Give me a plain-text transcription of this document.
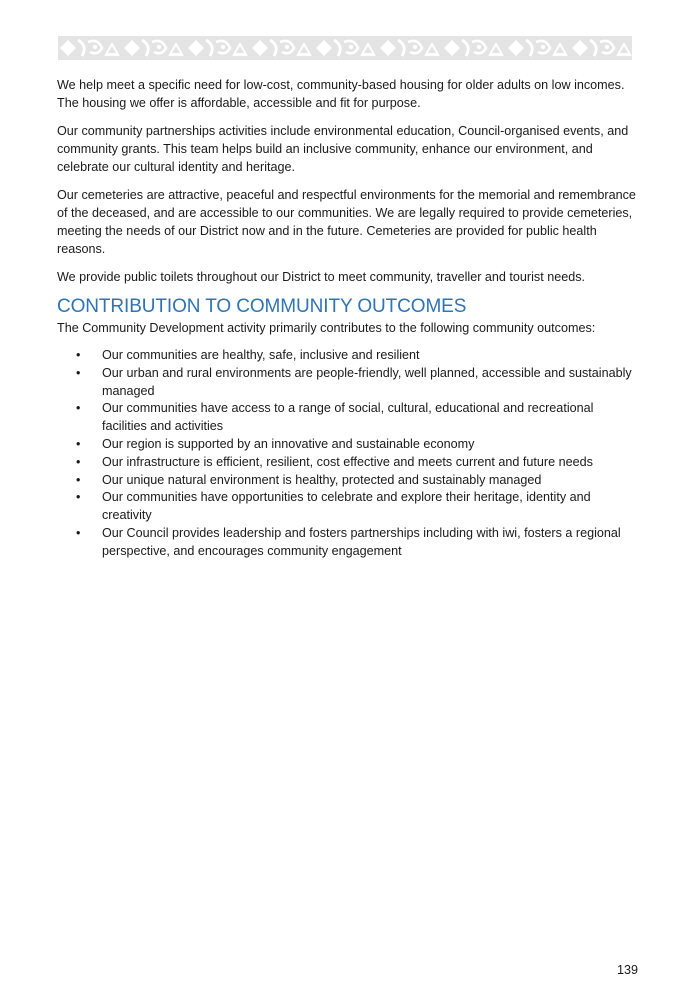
We help meet a specific need for low-cost, community-based housing for older adults on low incomes. The housing we offer is affordable, accessible and fit for purpose.

Our community partnerships activities include environmental education, Council-organised events, and community grants. This team helps build an inclusive community, enhance our environment, and celebrate our cultural identity and heritage.

Our cemeteries are attractive, peaceful and respectful environments for the memorial and remembrance of the deceased, and are accessible to our communities. We are legally required to provide cemeteries, meeting the needs of our District now and in the future. Cemeteries are provided for public health reasons.

We provide public toilets throughout our District to meet community, traveller and tourist needs.

CONTRIBUTION TO COMMUNITY OUTCOMES

The Community Development activity primarily contributes to the following community outcomes:

• Our communities are healthy, safe, inclusive and resilient
• Our urban and rural environments are people-friendly, well planned, accessible and sustainably managed
• Our communities have access to a range of social, cultural, educational and recreational facilities and activities
• Our region is supported by an innovative and sustainable economy
• Our infrastructure is efficient, resilient, cost effective and meets current and future needs
• Our unique natural environment is healthy, protected and sustainably managed
• Our communities have opportunities to celebrate and explore their heritage, identity and creativity
• Our Council provides leadership and fosters partnerships including with iwi, fosters a regional perspective, and encourages community engagement
139
